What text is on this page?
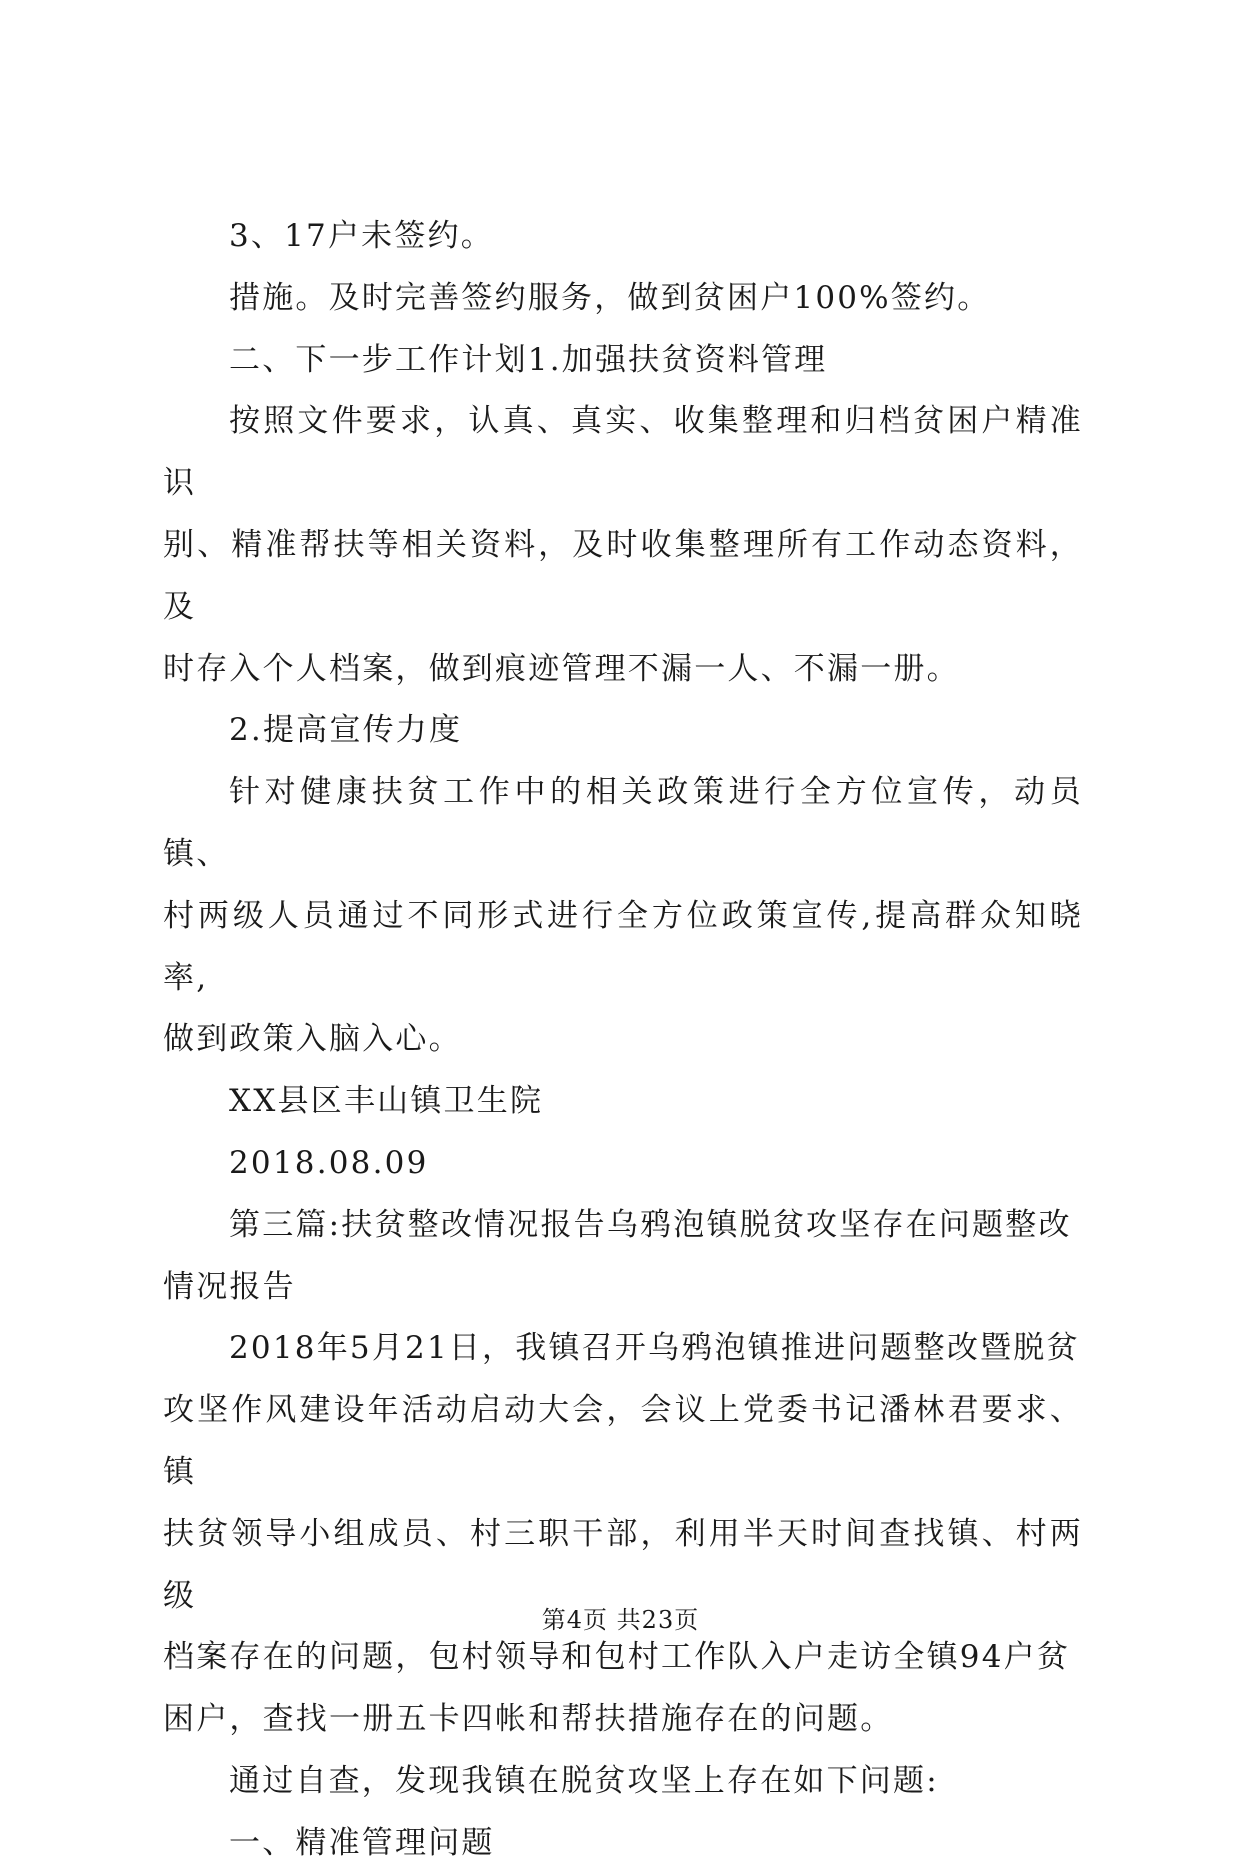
3、17户未签约。

措施。及时完善签约服务，做到贫困户100%签约。

二、下一步工作计划1.加强扶贫资料管理

按照文件要求，认真、真实、收集整理和归档贫困户精准识
别、精准帮扶等相关资料，及时收集整理所有工作动态资料，及
时存入个人档案，做到痕迹管理不漏一人、不漏一册。

2.提高宣传力度

针对健康扶贫工作中的相关政策进行全方位宣传，动员镇、
村两级人员通过不同形式进行全方位政策宣传,提高群众知晓率,
做到政策入脑入心。

XX县区丰山镇卫生院

2018.08.09

第三篇:扶贫整改情况报告乌鸦泡镇脱贫攻坚存在问题整改
情况报告

2018年5月21日，我镇召开乌鸦泡镇推进问题整改暨脱贫
攻坚作风建设年活动启动大会，会议上党委书记潘林君要求、镇
扶贫领导小组成员、村三职干部，利用半天时间查找镇、村两级
档案存在的问题，包村领导和包村工作队入户走访全镇94户贫
困户，查找一册五卡四帐和帮扶措施存在的问题。

通过自查，发现我镇在脱贫攻坚上存在如下问题:

一、精准管理问题

第4页 共23页
